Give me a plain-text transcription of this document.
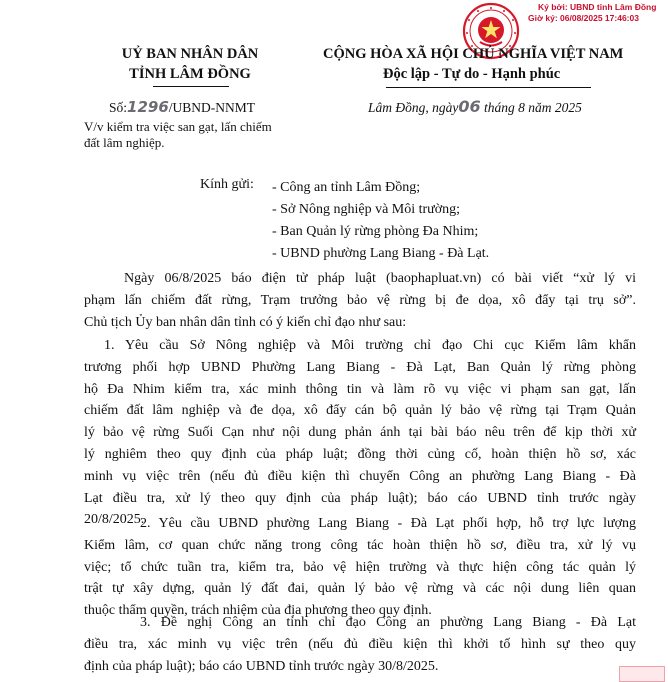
Ký bởi: UBND tỉnh Lâm Đồng
Giờ ký: 06/08/2025 17:46:03
UỶ BAN NHÂN DÂN
TỈNH LÂM ĐỒNG
CỘNG HÒA XÃ HỘI CHỦ NGHĨA VIỆT NAM
Độc lập - Tự do - Hạnh phúc
Số:1296/UBND-NNMT	Lâm Đồng, ngày06 tháng 8 năm 2025
V/v kiểm tra việc san gạt, lấn chiếm
đất lâm nghiệp.
Kính gửi: - Công an tỉnh Lâm Đồng;
- Sở Nông nghiệp và Môi trường;
- Ban Quản lý rừng phòng Đa Nhim;
- UBND phường Lang Biang - Đà Lạt.
Ngày 06/8/2025 báo điện tử pháp luật (baophapluat.vn) có bài viết “xử lý vi
phạm lấn chiếm đất rừng, Trạm trưởng bảo vệ rừng bị đe dọa, xô đẩy tại trụ sở”.
Chủ tịch Ủy ban nhân dân tỉnh có ý kiến chỉ đạo như sau:
1. Yêu cầu Sở Nông nghiệp và Môi trường chỉ đạo Chi cục Kiểm lâm khẩn
trương phối hợp UBND Phường Lang Biang - Đà Lạt, Ban Quản lý rừng phòng
hộ Đa Nhim kiểm tra, xác minh thông tin và làm rõ vụ việc vi phạm san gạt, lấn
chiếm đất lâm nghiệp và đe dọa, xô đẩy cán bộ quản lý bảo vệ rừng tại Trạm Quản
lý bảo vệ rừng Suối Cạn như nội dung phản ánh tại bài báo nêu trên để kịp thời xử
lý nghiêm theo quy định của pháp luật; đồng thời củng cố, hoàn thiện hồ sơ, xác
minh vụ việc trên (nếu đủ điều kiện thì chuyển Công an phường Lang Biang - Đà
Lạt điều tra, xử lý theo quy định của pháp luật); báo cáo UBND tỉnh trước ngày
20/8/2025.
2. Yêu cầu UBND phường Lang Biang - Đà Lạt phối hợp, hỗ trợ lực lượng
Kiểm lâm, cơ quan chức năng trong công tác hoàn thiện hồ sơ, điều tra, xử lý vụ
việc; tổ chức tuần tra, kiểm tra, bảo vệ hiện trường và thực hiện công tác quản lý
trật tự xây dựng, quản lý đất đai, quản lý bảo vệ rừng và các nội dung liên quan
thuộc thẩm quyền, trách nhiệm của địa phương theo quy định.
3. Đề nghị Công an tỉnh chỉ đạo Công an phường Lang Biang - Đà Lạt
điều tra, xác minh vụ việc trên (nếu đủ điều kiện thì khởi tố hình sự theo quy
định của pháp luật); báo cáo UBND tỉnh trước ngày 30/8/2025.
